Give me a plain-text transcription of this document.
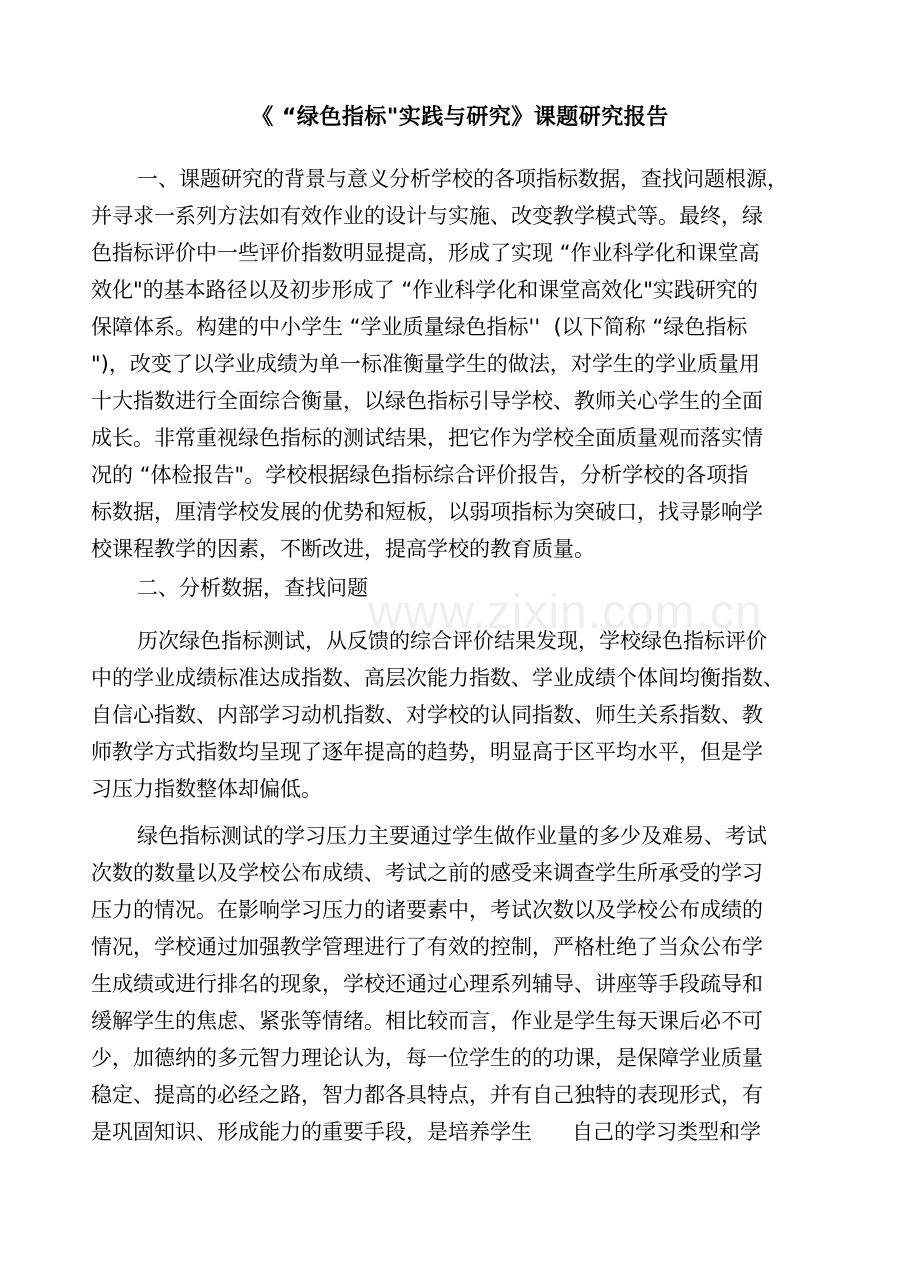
www.zixin.com.cn
《 “绿色指标"实践与研究》课题研究报告
一、课题研究的背景与意义分析学校的各项指标数据，查找问题根源，
并寻求一系列方法如有效作业的设计与实施、改变教学模式等。最终，绿
色指标评价中一些评价指数明显提高，形成了实现 “作业科学化和课堂高
效化"的基本路径以及初步形成了 “作业科学化和课堂高效化"实践研究的
保障体系。构建的中小学生 “学业质量绿色指标''  (以下简称 “绿色指标
")，改变了以学业成绩为单一标准衡量学生的做法，对学生的学业质量用
十大指数进行全面综合衡量，以绿色指标引导学校、教师关心学生的全面
成长。非常重视绿色指标的测试结果，把它作为学校全面质量观而落实情
况的 “体检报告"。学校根据绿色指标综合评价报告，分析学校的各项指
标数据，厘清学校发展的优势和短板，以弱项指标为突破口，找寻影响学
校课程教学的因素，不断改进，提高学校的教育质量。
二、分析数据，查找问题
历次绿色指标测试，从反馈的综合评价结果发现，学校绿色指标评价
中的学业成绩标准达成指数、高层次能力指数、学业成绩个体间均衡指数、
自信心指数、内部学习动机指数、对学校的认同指数、师生关系指数、教
师教学方式指数均呈现了逐年提高的趋势，明显高于区平均水平，但是学
习压力指数整体却偏低。
绿色指标测试的学习压力主要通过学生做作业量的多少及难易、考试
次数的数量以及学校公布成绩、考试之前的感受来调查学生所承受的学习
压力的情况。在影响学习压力的诸要素中，考试次数以及学校公布成绩的
情况，学校通过加强教学管理进行了有效的控制，严格杜绝了当众公布学
生成绩或进行排名的现象，学校还通过心理系列辅导、讲座等手段疏导和
缓解学生的焦虑、紧张等情绪。相比较而言，作业是学生每天课后必不可
少，加德纳的多元智力理论认为，每一位学生的的功课，是保障学业质量
稳定、提高的必经之路，智力都各具特点，并有自己独特的表现形式，有
是巩固知识、形成能力的重要手段，是培养学生      自己的学习类型和学
